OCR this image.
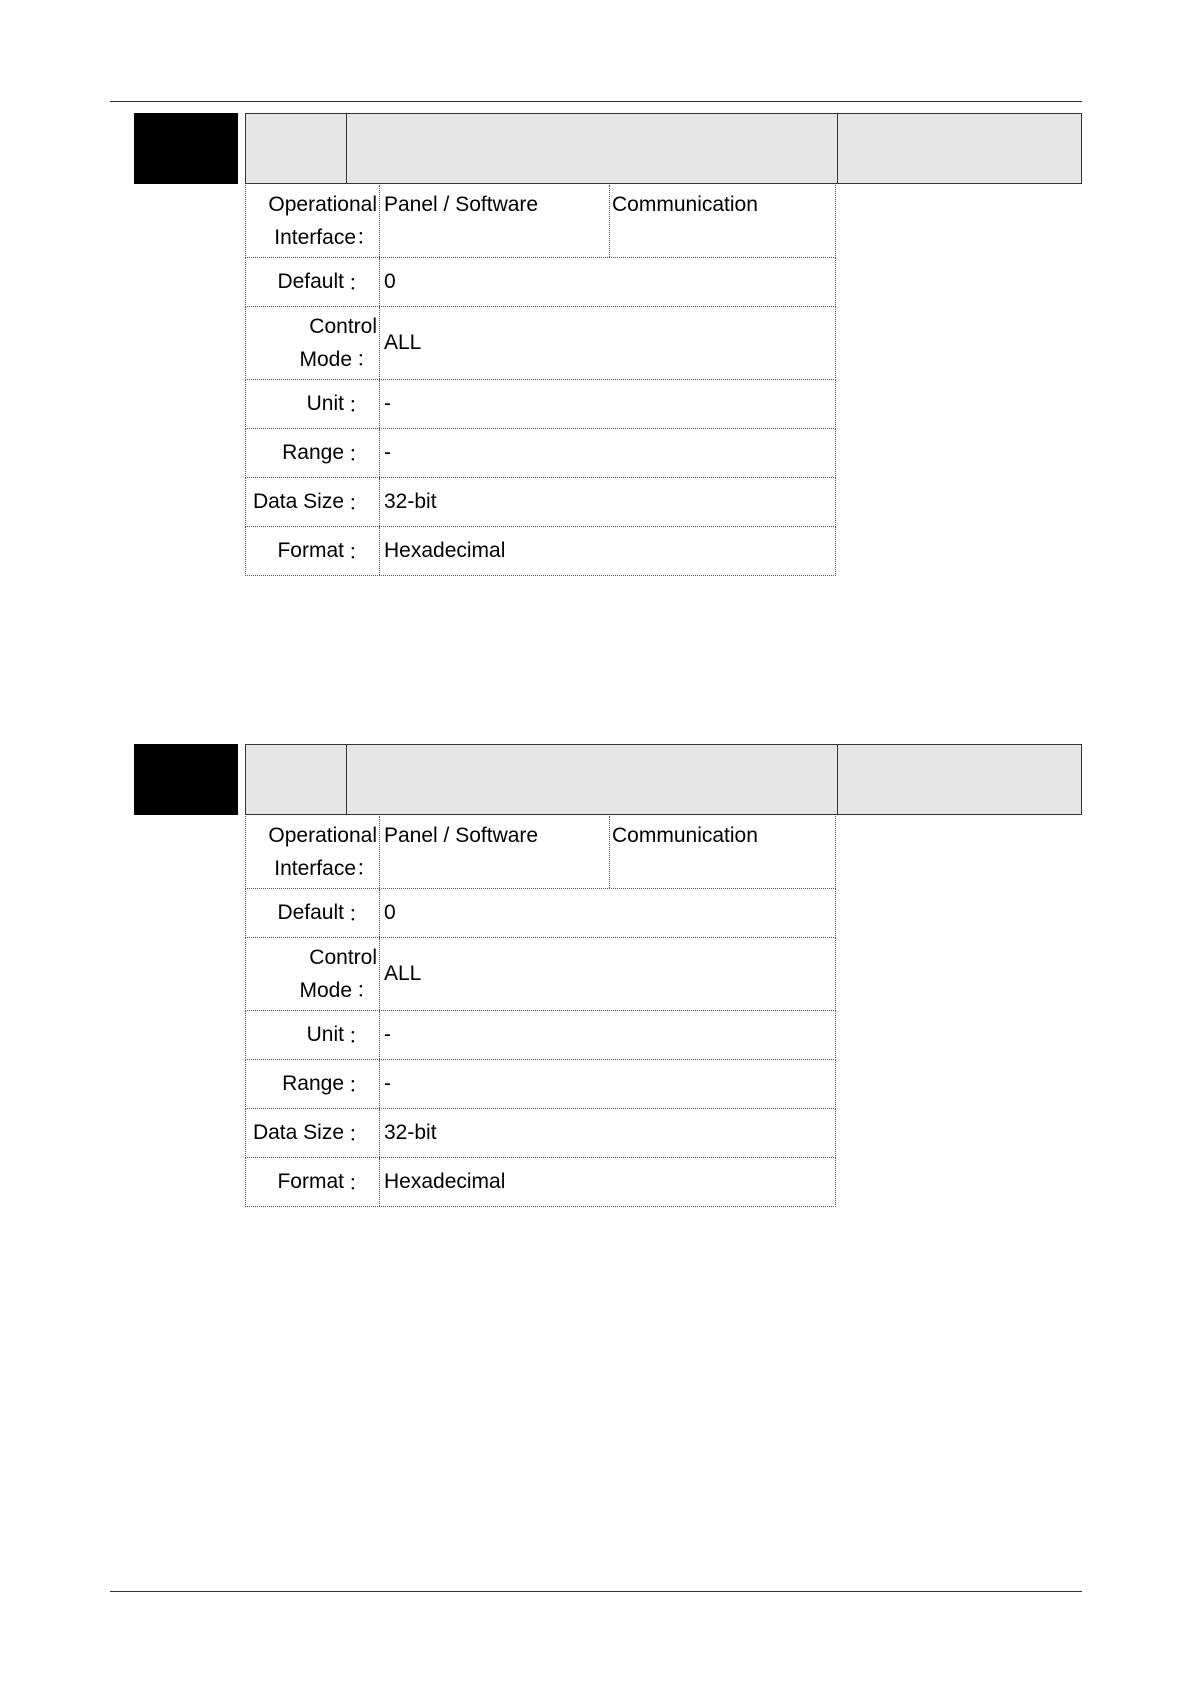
Operational
Interface：
Panel / Software	Communication
Default ： 0
Control
Mode ：
ALL
Unit ： -
Range ： -
Data Size ： 32-bit
Format ： Hexadecimal
Operational
Interface：
Panel / Software	Communication
Default ： 0
Control
Mode ：
ALL
Unit ： -
Range ： -
Data Size ： 32-bit
Format ： Hexadecimal
